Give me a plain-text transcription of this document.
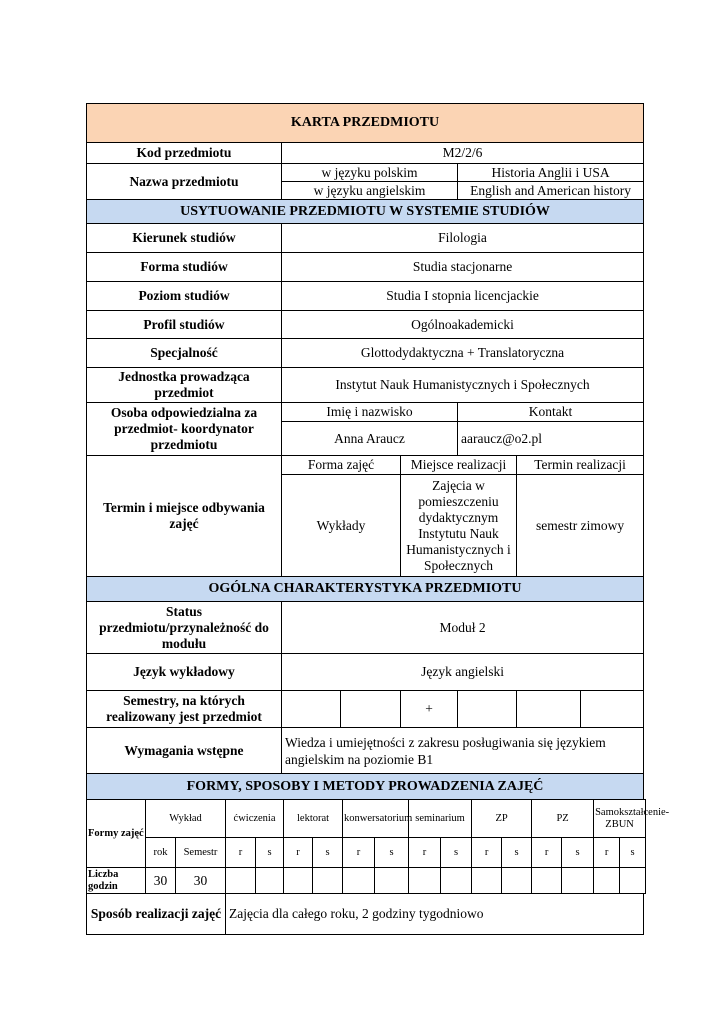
KARTA PRZEDMIOTU					
Kod przedmiotu	M2/2/6				
Nazwa przedmiotu	w języku polskim			Historia Anglii i USA	
	w języku angielskim			English and American history	
USYTUOWANIE PRZEDMIOTU W SYSTEMIE STUDIÓW					
Kierunek studiów	Filologia				
Forma studiów	Studia stacjonarne				
Poziom studiów	Studia I stopnia licencjackie				
Profil studiów	Ogólnoakademicki				
Specjalność	Glottodydaktyczna + Translatoryczna				
Jednostka prowadząca przedmiot	Instytut Nauk Humanistycznych i Społecznych				
Osoba odpowiedzialna za przedmiot- koordynator przedmiotu	Imię i nazwisko			Kontakt	
	Anna Araucz			aaraucz@o2.pl	
Termin i miejsce odbywania zajęć	Forma zajęć		Miejsce realizacji		Termin realizacji
	Wykłady		Zajęcia w pomieszczeniu dydaktycznym Instytutu Nauk Humanistycznych i Społecznych		semestr zimowy
OGÓLNA CHARAKTERYSTYKA PRZEDMIOTU					
Status przedmiotu/przynależność do modułu	Moduł 2				
Język wykładowy	Język angielski				
Semestry, na których realizowany jest przedmiot			+		

Wymagania wstępne	Wiedza i umiejętności z zakresu posługiwania się językiem angielskim na poziomie B1				
FORMY, SPOSOBY I METODY PROWADZENIA ZAJĘĆ					
Formy zajęć	Wykład		ćwiczenia		lektorat		konwersatorium		seminarium		ZP		PZ		Samokształcenie-ZBUN	
	rok	Semestr	r	s	r	s	r	s	r	s	r	s	r	s	r	s
Liczba godzin	30	30														
Sposób realizacji zajęć	Zajęcia dla całego roku, 2 godziny tygodniowo
